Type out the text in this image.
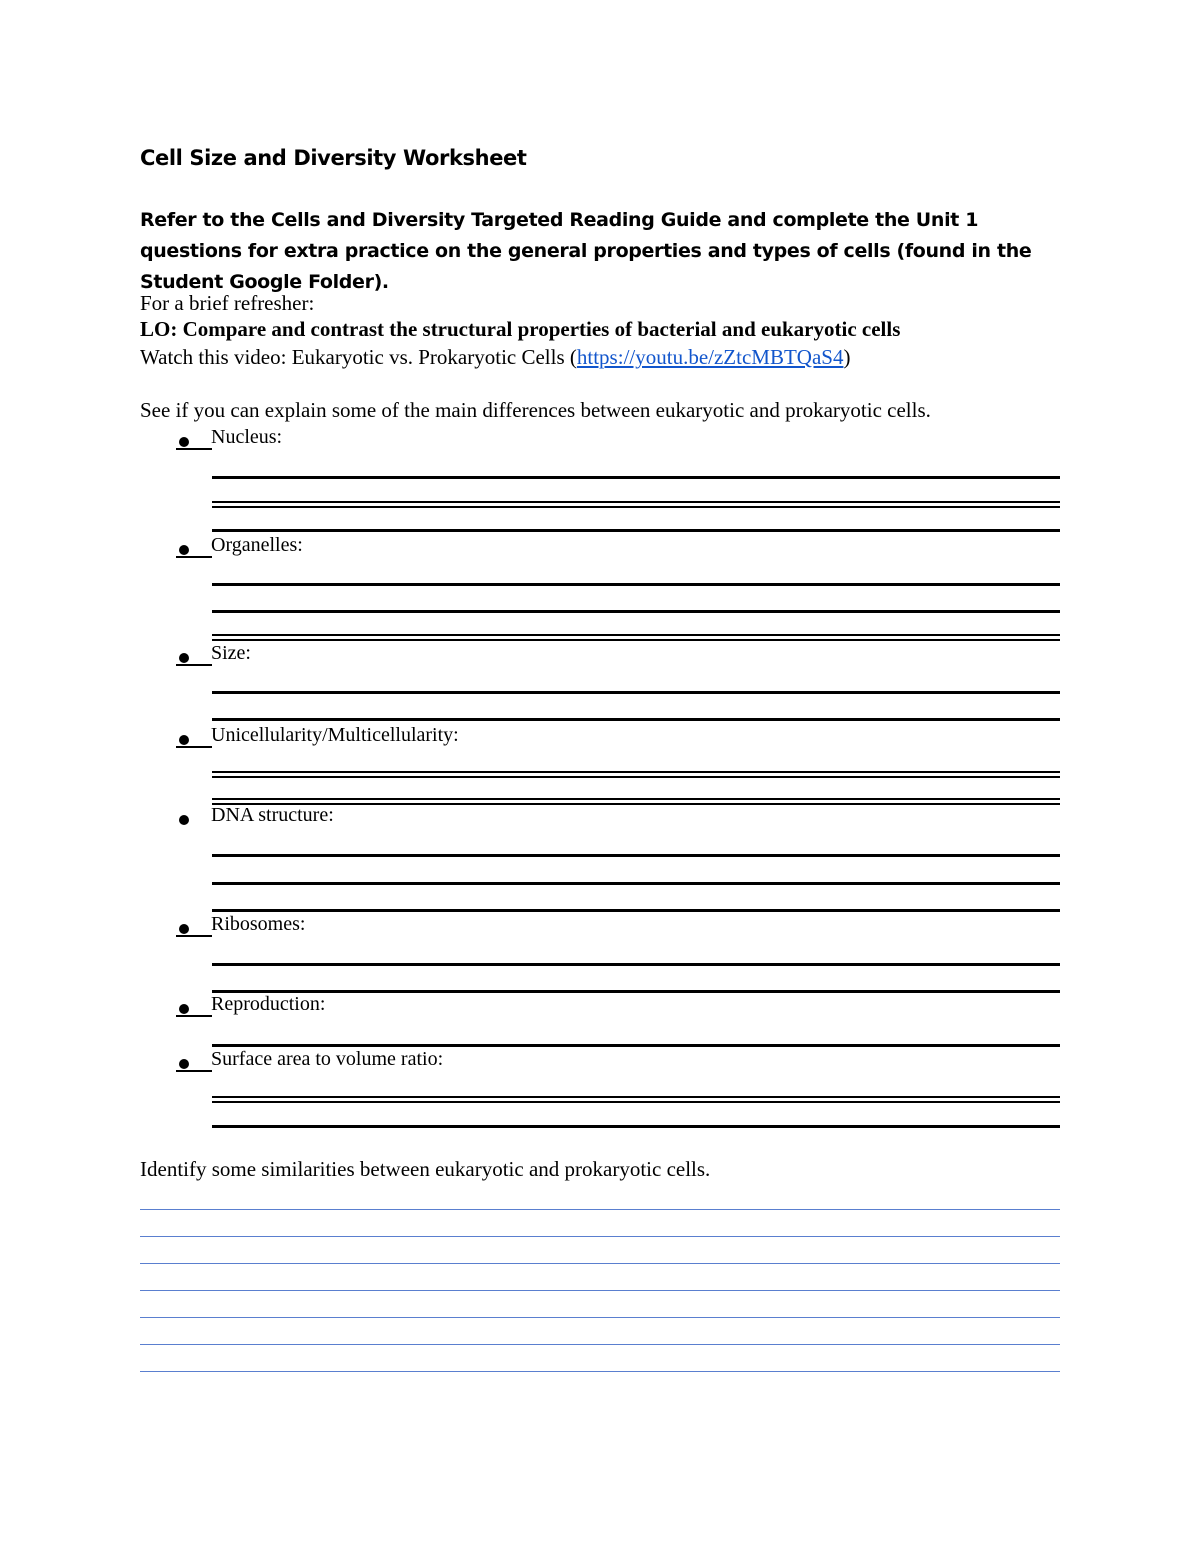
Cell Size and Diversity Worksheet
Refer to the Cells and Diversity Targeted Reading Guide and complete the Unit 1 questions for extra practice on the general properties and types of cells (found in the Student Google Folder).
For a brief refresher:
LO: Compare and contrast the structural properties of bacterial and eukaryotic cells
Watch this video: Eukaryotic vs. Prokaryotic Cells (https://youtu.be/zZtcMBTQaS4)
See if you can explain some of the main differences between eukaryotic and prokaryotic cells.
Nucleus:
Organelles:
Size:
Unicellularity/Multicellularity:
DNA structure:
Ribosomes:
Reproduction:
Surface area to volume ratio:
Identify some similarities between eukaryotic and prokaryotic cells.
